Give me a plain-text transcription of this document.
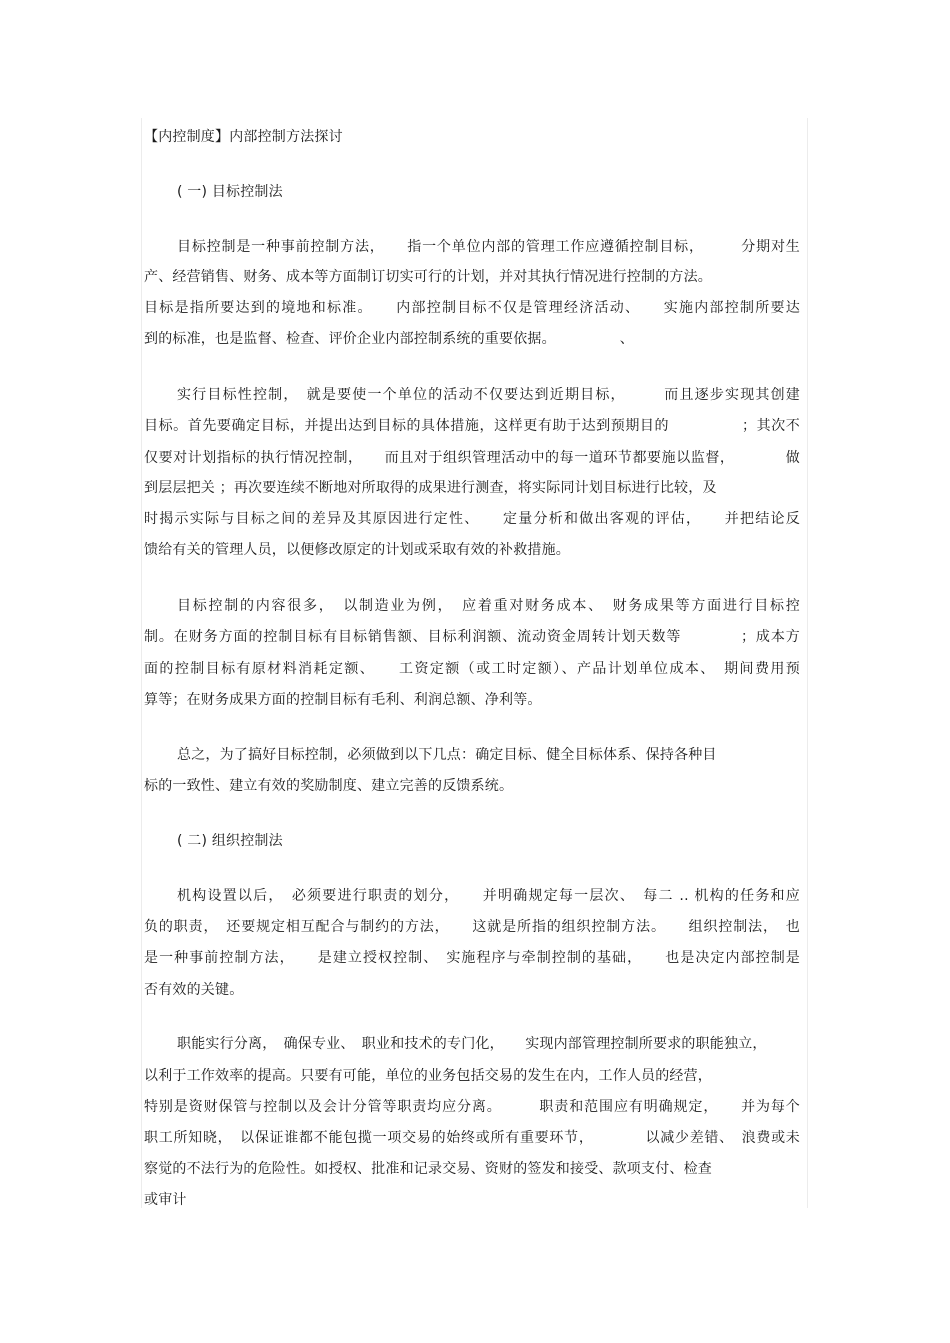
【内控制度】内部控制方法探讨
( 一) 目标控制法
目标控制是一种事前控制方法，　　指一个单位内部的管理工作应遵循控制目标，　　　分期对生
产、经营销售、财务、成本等方面制订切实可行的计划，并对其执行情况进行控制的方法。
目标是指所要达到的境地和标准。　　内部控制目标不仅是管理经济活动、　　实施内部控制所要达
到的标准，也是监督、检查、评价企业内部控制系统的重要依据。　　　　　、
实行目标性控制，　就是要使一个单位的活动不仅要达到近期目标，　　　而且逐步实现其创建
目标。首先要确定目标，并提出达到目标的具体措施，这样更有助于达到预期目的　　　　　；其次不
仅要对计划指标的执行情况控制，　　而且对于组织管理活动中的每一道环节都要施以监督，　　　　做
到层层把关 ；再次要连续不断地对所取得的成果进行测查，将实际同计划目标进行比较，及
时揭示实际与目标之间的差异及其原因进行定性、　　定量分析和做出客观的评估，　　并把结论反
馈给有关的管理人员，以便修改原定的计划或采取有效的补救措施。
目标控制的内容很多，　以制造业为例，　应着重对财务成本、　财务成果等方面进行目标控
制。在财务方面的控制目标有目标销售额、目标利润额、流动资金周转计划天数等　　　　；成本方
面的控制目标有原材料消耗定额、　　工资定额（或工时定额）、产品计划单位成本、　期间费用预
算等；在财务成果方面的控制目标有毛利、利润总额、净利等。
总之，为了搞好目标控制，必须做到以下几点：确定目标、健全目标体系、保持各种目
标的一致性、建立有效的奖励制度、建立完善的反馈系统。
( 二) 组织控制法
机构设置以后，　必须要进行职责的划分，　　并明确规定每一层次、　每二 .. 机构的任务和应
负的职责，　还要规定相互配合与制约的方法，　　这就是所指的组织控制方法。　　组织控制法，　也
是一种事前控制方法，　　是建立授权控制、　实施程序与牵制控制的基础，　　也是决定内部控制是
否有效的关键。
职能实行分离，　确保专业、　职业和技术的专门化，　　实现内部管理控制所要求的职能独立，
以利于工作效率的提高。只要有可能，单位的业务包括交易的发生在内，工作人员的经营，
特别是资财保管与控制以及会计分管等职责均应分离。　　　职责和范围应有明确规定，　　并为每个
职工所知晓，　以保证谁都不能包揽一项交易的始终或所有重要环节，　　　　以减少差错、　浪费或未
察觉的不法行为的危险性。如授权、批准和记录交易、资财的签发和接受、款项支付、检查
或审计
